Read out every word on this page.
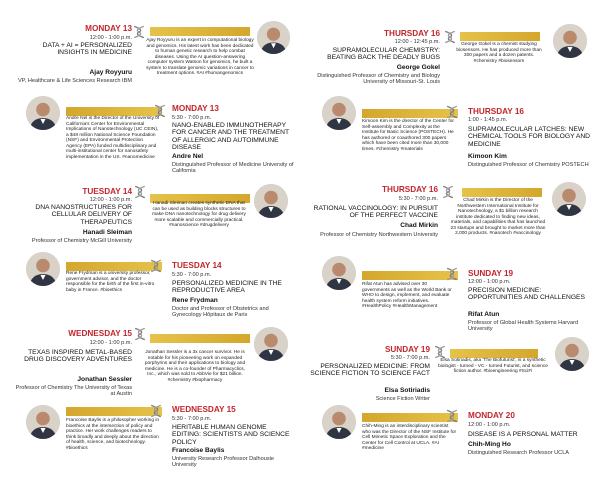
MONDAY 13
12:00 - 1:00 p.m.
DATA + AI = PERSONALIZED INSIGHTS IN MEDICINE
Ajay Royyuru
VP, Healthcare & Life Sciences Research IBM
Ajay Royyuru is an expert in computational biology and genomics. His latest work has been dedicated to human genetic research to help combat diseases. Using the AI question-answering computer system Watson for genomics, he built a system to translate genomic variations in cancer to treatment options. #AI #humangenomics
Andre Nel is the Director of the University of California's Center for Environmental Implications of Nanotechnology (UC CEIN), a $48 million National Science Foundation (NSF) and Environmental Protection Agency (EPA) funded multidisciplinary and multi-institutional center for nanosafety implementation in the US. #nanomedicine
MONDAY 13
5:30 - 7:00 p.m.
NANO-ENABLED IMMUNOTHERAPY FOR CANCER AND THE TREATMENT OF ALLERGIC AND AUTOIMMUNE DISEASE
Andre Nel
Distinguished Professor of Medicine University of California
TUESDAY 14
12:00 - 1:00 p.m.
DNA NANOSTRUCTURES FOR CELLULAR DELIVERY OF THERAPEUTICS
Hanadi Sleiman
Professor of Chemistry McGill University
Hanadi Sleiman creates synthetic DNA that can be used as building blocks structures to make DNA nanotechnology for drug delivery more scalable and commercially practical. #nanoscience #drugdelivery
Rene Frydman is a university professor, government advisor, and the doctor responsible for the birth of the first in-vitro baby in France. #bioethics
TUESDAY 14
5:30 - 7:00 p.m.
PERSONALIZED MEDICINE IN THE REPRODUCTIVE AREA
Rene Frydman
Doctor and Professor of Obstetrics and Gynecology Hôpitaux de Paris
WEDNESDAY 15
12:00 - 1:00 p.m.
TEXAS INSPIRED METAL-BASED DRUG DISCOVERY ADVENTURES
Jonathan Sessler
Professor of Chemistry The University of Texas at Austin
Jonathan Sessler is a 3x cancer survivor. He is notable for his pioneering work on expanded porphyrins and their applications to biology and medicine. He is a co-founder of Pharmacyclics, Inc., which was sold to AbbVie for $21 billion. #chemistry #biopharmacy
Francoise Baylis is a philosopher working in bioethics at the intersection of policy and practice. Her work challenges readers to think broadly and deeply about the direction of health, science, and biotechnology. #bioethics
WEDNESDAY 15
5:30 - 7:00 p.m.
HERITABLE HUMAN GENOME EDITING: SCIENTISTS AND SCIENCE POLICY
Francoise Baylis
University Research Professor Dalhousie University
THURSDAY 16
12:00 - 12:45 p.m.
SUPRAMOLECULAR CHEMISTRY: BEATING BACK THE DEADLY BUGS
George Gokel
Distinguished Professor of Chemistry and Biology University of Missouri-St. Louis
George Gokel is a chemist studying biosensors. He has produced more than 300 papers and a dozen patents. #chemistry #biosensors
Kimoon Kim is the director of the Center for Self-assembly and Complexity at the Institute for Basic Science (POSTECH). He has authored or coauthored 300 papers which have been cited more than 30,000 times. #chemistry #materials
THURSDAY 16
1:00 - 1:45 p.m.
SUPRAMOLECULAR LATCHES: NEW CHEMICAL TOOLS FOR BIOLOGY AND MEDICINE
Kimoon Kim
Distinguished Professor of Chemistry POSTECH
THURSDAY 16
5:30 - 7:00 p.m.
RATIONAL VACCINOLOGY: IN PURSUIT OF THE PERFECT VACCINE
Chad Mirkin
Professor of Chemistry Northwestern University
Chad Mirkin is the Director of the Northwestern International Institute for Nanotechnology, a $1 billion research institute dedicated to finding new ideas, materials, and capabilities that has launched 23 startups and brought to market more than 2,000 products. #nanotech #vaccinology
Rifat Atun has advised over 30 governments as well as the World Bank or WHO to design, implement, and evaluate health system reform initiatives. #HealthPolicy #HealthManagement
SUNDAY 19
12:00 - 1:00 p.m.
PRECISION MEDICINE: OPPORTUNITIES AND CHALLENGES
Rifat Atun
Professor of Global Health Systems Harvard University
SUNDAY 19
5:30 - 7:00 p.m.
PERSONALIZED MEDICINE: FROM SCIENCE FICTION TO SCIENCE FACT
Elsa Sotiriadis
Science Fiction Writer
Elsa Sotiriadis, aka 'The Biofuturist', is a synthetic biologist - turned - VC - turned Futurist, and science fiction author. #bioengineering #SciFi
Chih-Ming is an interdisciplinary scientist who was the Director of the NSF Institute for Cell Mimetic Space Exploration and the Center for Cell Control at UCLA. #AI #medicine
MONDAY 20
12:00 - 1:00 p.m.
DISEASE IS A PERSONAL MATTER
Chih-Ming Ho
Distinguished Research Professor UCLA
